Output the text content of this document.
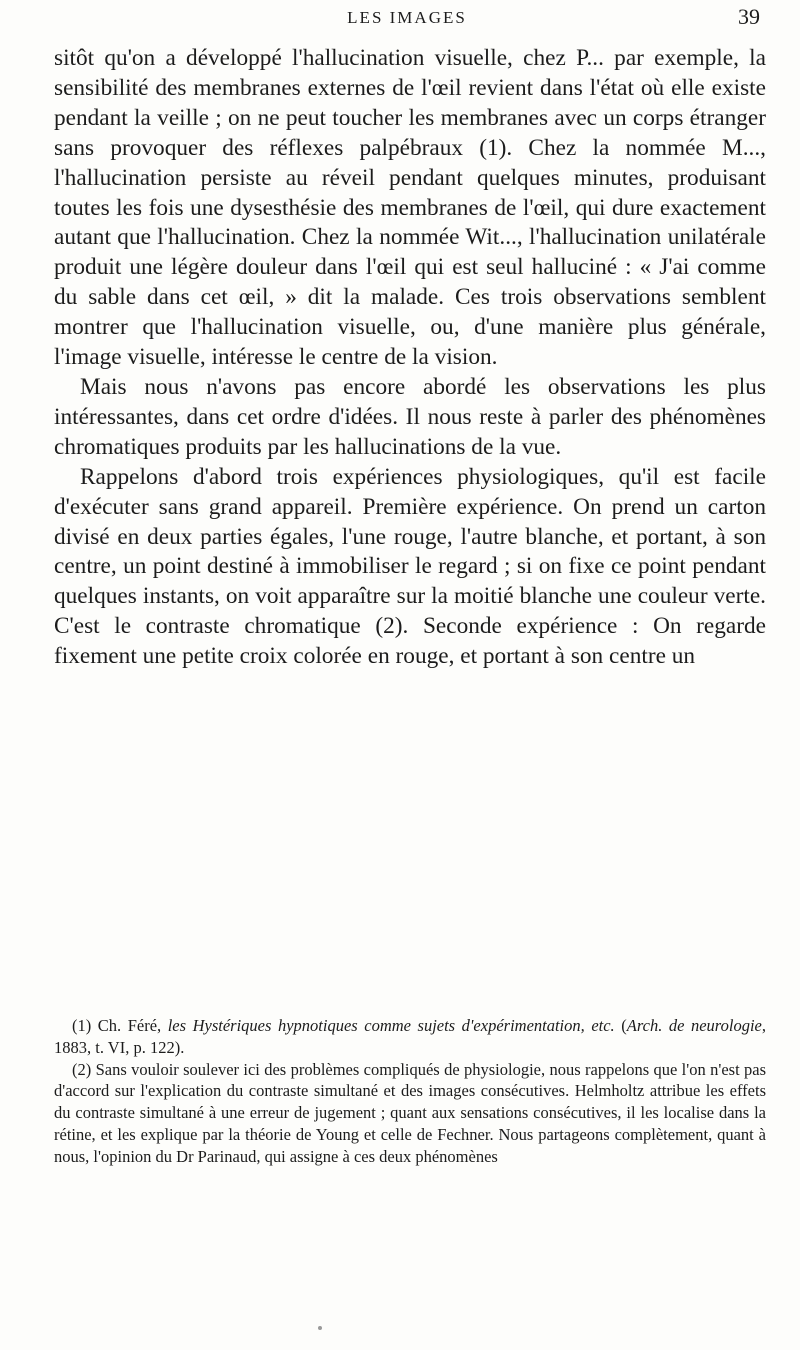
LES IMAGES	39

sitôt qu'on a développé l'hallucination visuelle, chez P... par exemple, la sensibilité des membranes externes de l'œil revient dans l'état où elle existe pendant la veille ; on ne peut toucher les membranes avec un corps étranger sans provoquer des réflexes palpébraux (1). Chez la nommée M..., l'hallucination persiste au réveil pendant quelques minutes, produisant toutes les fois une dysesthésie des membranes de l'œil, qui dure exactement autant que l'hallucination. Chez la nommée Wit..., l'hallucination unilatérale produit une légère douleur dans l'œil qui est seul halluciné : « J'ai comme du sable dans cet œil, » dit la malade. Ces trois observations semblent montrer que l'hallucination visuelle, ou, d'une manière plus générale, l'image visuelle, intéresse le centre de la vision.

Mais nous n'avons pas encore abordé les observations les plus intéressantes, dans cet ordre d'idées. Il nous reste à parler des phénomènes chromatiques produits par les hallucinations de la vue.

Rappelons d'abord trois expériences physiologiques, qu'il est facile d'exécuter sans grand appareil. Première expérience. On prend un carton divisé en deux parties égales, l'une rouge, l'autre blanche, et portant, à son centre, un point destiné à immobiliser le regard ; si on fixe ce point pendant quelques instants, on voit apparaître sur la moitié blanche une couleur verte. C'est le contraste chromatique (2). Seconde expérience : On regarde fixement une petite croix colorée en rouge, et portant à son centre un

(1) Ch. Féré, les Hystériques hypnotiques comme sujets d'expérimentation, etc. (Arch. de neurologie, 1883, t. VI, p. 122).

(2) Sans vouloir soulever ici des problèmes compliqués de physiologie, nous rappelons que l'on n'est pas d'accord sur l'explication du contraste simultané et des images consécutives. Helmholtz attribue les effets du contraste simultané à une erreur de jugement ; quant aux sensations consécutives, il les localise dans la rétine, et les explique par la théorie de Young et celle de Fechner. Nous partageons complètement, quant à nous, l'opinion du Dr Parinaud, qui assigne à ces deux phénomènes
